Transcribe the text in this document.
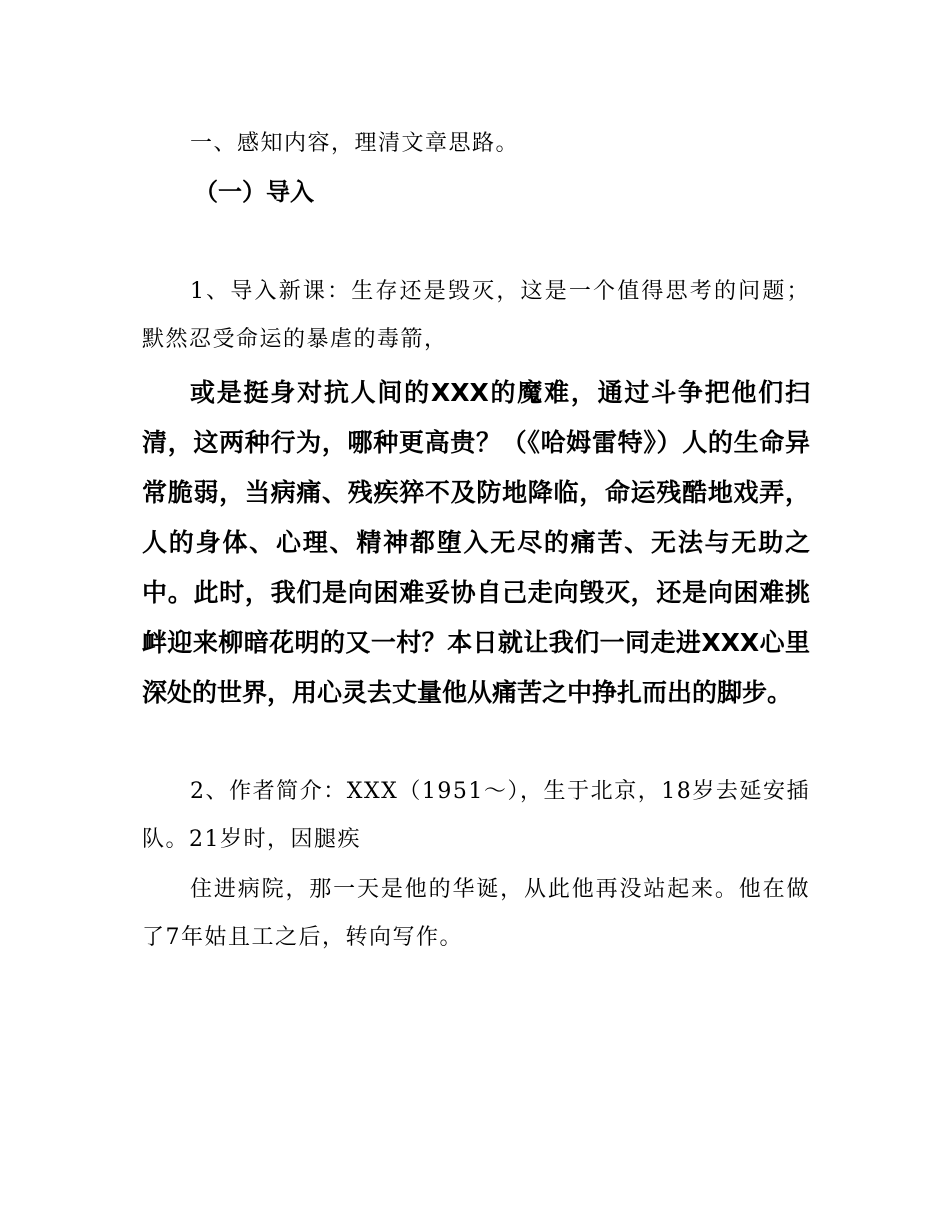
一、感知内容，理清文章思路。

（一）导入

1、导入新课：生存还是毁灭，这是一个值得思考的问题；默然忍受命运的暴虐的毒箭，

或是挺身对抗人间的XXX的魔难，通过斗争把他们扫清，这两种行为，哪种更高贵？（《哈姆雷特》）人的生命异常脆弱，当病痛、残疾猝不及防地降临，命运残酷地戏弄，人的身体、心理、精神都堕入无尽的痛苦、无法与无助之中。此时，我们是向困难妥协自己走向毁灭，还是向困难挑衅迎来柳暗花明的又一村？本日就让我们一同走进XXX心里深处的世界，用心灵去丈量他从痛苦之中挣扎而出的脚步。

2、作者简介：XXX（1951～），生于北京，18岁去延安插队。21岁时，因腿疾

住进病院，那一天是他的华诞，从此他再没站起来。他在做了7年姑且工之后，转向写作。
